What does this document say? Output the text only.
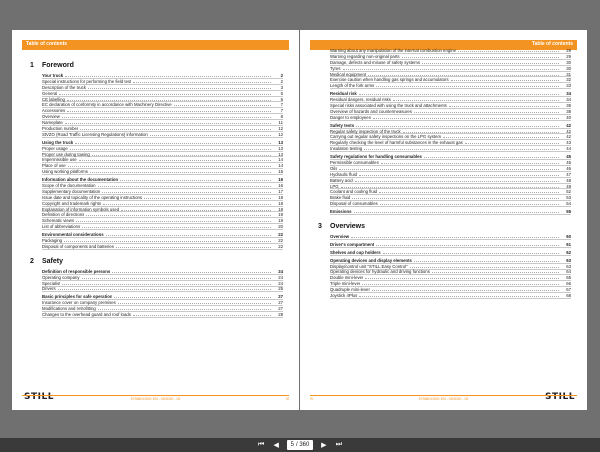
Table of contents
1	Foreword
Your truck	2
Special instructions for performing the field test	2
Description of the truck	3
General	5
CE labelling	6
EC declaration of conformity in accordance with Machinery Directive	7
Accessories	7
Overview	8
Nameplate	11
Production number	12
StVZO (Road Traffic Licensing Regulations) information	12
Using the truck	13
Proper usage	13
Proper use during towing	13
Impermissible use	14
Place of use	14
Using working platforms	15
Information about the documentation	16
Scope of the documentation	16
Supplementary documentation	17
Issue date and topicality of the operating instructions	18
Copyright and trademark rights	18
Explanation of information symbols used	18
Definition of directions	19
Schematic views	19
List of abbreviations	20
Environmental considerations	22
Packaging	22
Disposal of components and batteries	22
2	Safety
Definition of responsible persons	24
Operating company	24
Specialist	24
Drivers	25
Basic principles for safe operation	27
Insurance cover on company premises	27
Modifications and retrofitting	27
Changes to the overhead guard and roof loads	28
STILL	57368011501 EN - 03/2020 - 03	III
Table of contents
Warning about any manipulation of the internal combustion engine	29
Warning regarding non-original parts	29
Damage, defects and misuse of safety systems	30
Tyres	30
Medical equipment	31
Exercise caution when handling gas springs and accumulators	32
Length of the fork arms	33
Residual risk	34
Residual dangers, residual risks	34
Special risks associated with using the truck and attachments	35
Overview of hazards and countermeasures	38
Danger to employees	40
Safety tests	42
Regular safety inspection of the truck	42
Carrying out regular safety inspections on the LPG system	42
Regularly checking the level of harmful substances in the exhaust gas	43
Insulation testing	44
Safety regulations for handling consumables	45
Permissible consumables	45
Oils	46
Hydraulic fluid	47
Battery acid	48
LPG	49
Coolant and cooling fluid	52
Brake fluid	53
Disposal of consumables	54
Emissions	55
3	Overviews
Overview	60
Driver's compartment	61
Shelves and cup holders	62
Operating devices and display elements	63
Display/control unit "STILL Easy Control"	63
Operating devices for hydraulic and driving functions	64
Double mini-lever	65
Triple mini-lever	66
Quadruple mini-lever	67
Joystick 4Plus	68
STILL
57368011501 EN - 03/2020 - 03
IV
⏮ ◀	5 / 360 ▶ ⏭
